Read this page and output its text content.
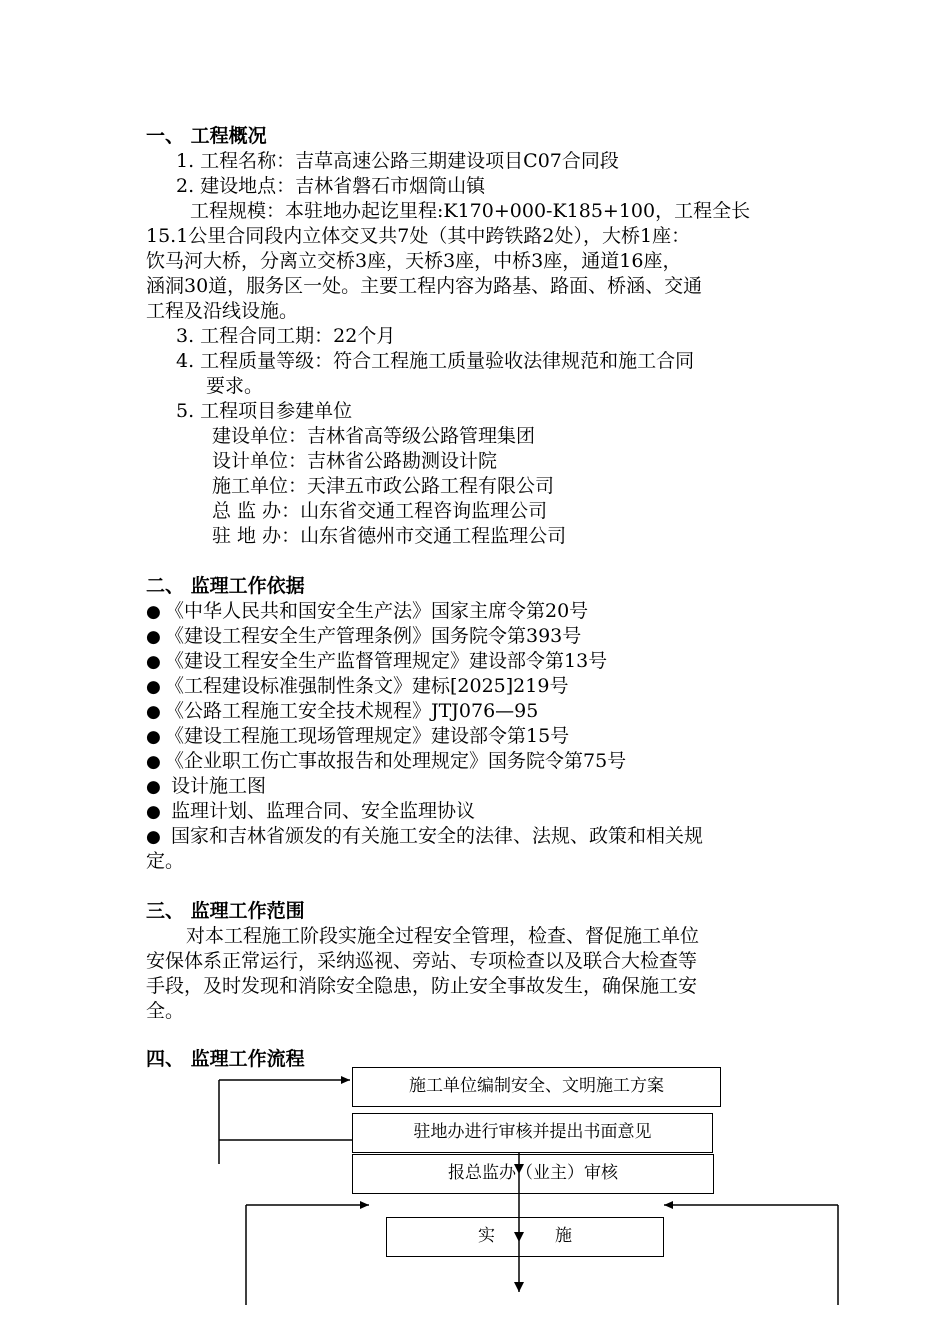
一、 工程概况
1. 工程名称：吉草高速公路三期建设项目C07合同段
2. 建设地点：吉林省磐石市烟筒山镇
工程规模：本驻地办起讫里程:K170+000-K185+100，工程全长
15.1公里合同段内立体交叉共7处（其中跨铁路2处），大桥1座：
饮马河大桥，分离立交桥3座，天桥3座，中桥3座，通道16座，
涵洞30道，服务区一处。主要工程内容为路基、路面、桥涵、交通
工程及沿线设施。
3. 工程合同工期：22个月
4. 工程质量等级：符合工程施工质量验收法律规范和施工合同
要求。
5. 工程项目参建单位
建设单位：吉林省高等级公路管理集团
设计单位：吉林省公路勘测设计院
施工单位：天津五市政公路工程有限公司
总 监 办：山东省交通工程咨询监理公司
驻 地 办：山东省德州市交通工程监理公司
二、 监理工作依据
● 《中华人民共和国安全生产法》国家主席令第20号
● 《建设工程安全生产管理条例》国务院令第393号
● 《建设工程安全生产监督管理规定》建设部令第13号
● 《工程建设标准强制性条文》建标[2025]219号
● 《公路工程施工安全技术规程》JTJ076—95
● 《建设工程施工现场管理规定》建设部令第15号
● 《企业职工伤亡事故报告和处理规定》国务院令第75号
● 设计施工图
● 监理计划、监理合同、安全监理协议
● 国家和吉林省颁发的有关施工安全的法律、法规、政策和相关规
定。
三、 监理工作范围
对本工程施工阶段实施全过程安全管理，检查、督促施工单位
安保体系正常运行，采纳巡视、旁站、专项检查以及联合大检查等
手段，及时发现和消除安全隐患，防止安全事故发生，确保施工安
全。
四、 监理工作流程
施工单位编制安全、文明施工方案
驻地办进行审核并提出书面意见
报总监办（业主）审核
实	施
